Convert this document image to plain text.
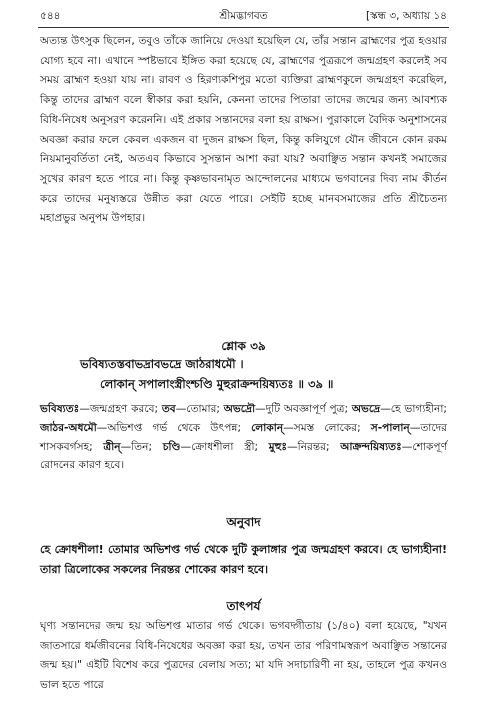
৫৪৪	শ্রীমদ্ভাগবত	[স্কন্ধ ৩, অধ্যায় ১৪
অত্যন্ত উৎসুক ছিলেন, তবুও তাঁকে জানিয়ে দেওয়া হয়েছিল যে, তাঁর সন্তান ব্রাহ্মণের পুত্র হওয়ার যোগ্য হবে না। এখানে স্পষ্টভাবে ইঙ্গিত করা হয়েছে যে, ব্রাহ্মণের পুত্ররূপে জন্মগ্রহণ করলেই সব সময় ব্রাহ্মণ হওয়া যায় না। রাবণ ও হিরণ্যকশিপুর মতো ব্যক্তিরা ব্রাহ্মণকুলে জন্মগ্রহণ করেছিল, কিন্তু তাদের ব্রাহ্মণ বলে স্বীকার করা হয়নি, কেননা তাদের পিতারা তাদের জন্মের জন্য আবশ্যক বিধি-নিষেধ অনুসরণ করেননি। এই প্রকার সন্তানদের বলা হয় রাক্ষস। পুরাকালে বৈদিক অনুশাসনের অবজ্ঞা করার ফলে কেবল একজন বা দুজন রাক্ষস ছিল, কিন্তু কলিযুগে যৌন জীবনে কোন রকম নিয়মানুবর্তিতা নেই, অতএব কিভাবে সুসন্তান আশা করা যায়? অবাঞ্ছিত সন্তান কখনই সমাজের সুখের কারণ হতে পারে না। কিন্তু কৃষ্ণভাবনামৃত আন্দোলনের মাধ্যমে ভগবানের দিব্য নাম কীর্তন করে তাদের মনুষ্যস্তরে উন্নীত করা যেতে পারে। সেইটি হচ্ছে মানবসমাজের প্রতি শ্রীচৈতন্য মহাপ্রভুর অনুপম উপহার।
শ্লোক ৩৯
ভবিষ্যতস্তবাভদ্রাবভদ্রে জাঠরাধমৌ ।
লোকান্ সপালাংস্ত্রীংশ্চণ্ডি মুহুরাক্রন্দয়িষ্যতঃ ॥ ৩৯ ॥
ভবিষ্যতঃ—জন্মগ্রহণ করবে; তব—তোমার; অভদ্রৌ—দুটি অবজ্ঞাপূর্ণ পুত্র; অভদ্রে—হে ভাগ্যহীনা; জাঠর-অধমৌ—অভিশপ্ত গর্ভ থেকে উৎপন্ন; লোকান্—সমস্ত লোকের; স-পালান্—তাদের শাসকবর্গসহ; ত্রীন্—তিন; চণ্ডি—ক্রোধশীলা স্ত্রী; মুহুঃ—নিরন্তর; আক্রন্দয়িষ্যতঃ—শোকপূর্ণ রোদনের কারণ হবে।
অনুবাদ
হে ক্রোধশীলা! তোমার অভিশপ্ত গর্ভ থেকে দুটি কুলাঙ্গার পুত্র জন্মগ্রহণ করবে। হে ভাগ্যহীনা! তারা ত্রিলোকের সকলের নিরন্তর শোকের কারণ হবে।
তাৎপর্য
ঘৃণ্য সন্তানদের জন্ম হয় অভিশপ্ত মাতার গর্ভ থেকে। ভগবদ্গীতায় (১/৪০) বলা হয়েছে, "যখন জাতসারে ধর্মজীবনের বিধি-নিষেধের অবজ্ঞা করা হয়, তখন তার পরিণামস্বরূপ অবাঞ্ছিত সন্তানের জন্ম হয়।" এইটি বিশেষ করে পুত্রদের বেলায় সত্য; মা যদি সদাচারিণী না হয়, তাহলে পুত্র কখনও ভাল হতে পারে
